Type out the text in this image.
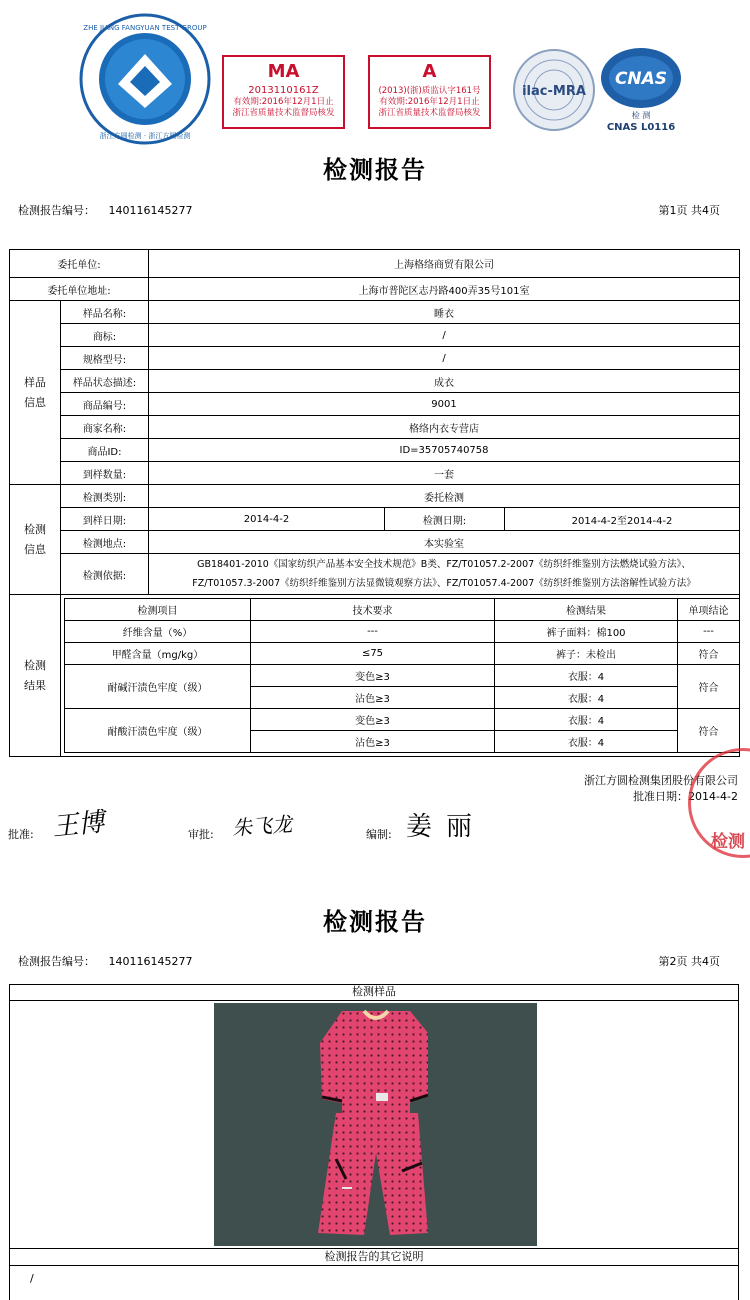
ZHE JIANG FANGYUAN TEST GROUP
浙江方圆检测 · 浙江方圆检测
MA
2013110161Z
有效期:2016年12月1日止
浙江省质量技术监督局核发
A
(2013)(浙)质监认字161号
有效期:2016年12月1日止
浙江省质量技术监督局核发
ilac-MRA
CNAS
检 测
CNAS L0116
检测报告
检测报告编号： 140116145277	第1页 共4页
委托单位:	上海格络商贸有限公司
委托单位地址:	上海市普陀区志丹路400弄35号101室

样品
信息
	样品名称:	睡衣
商标:	/
规格型号:	/
样品状态描述:	成衣
商品编号:	9001
商家名称:	格络内衣专营店
商品ID:	ID=35705740758
到样数量:	一套

检测
信息
	检测类别:	委托检测
到样日期:	2014-4-2	检测日期:	2014-4-2至2014-4-2
检测地点:	本实验室
检测依据:	
GB18401-2010《国家纺织产品基本安全技术规范》B类、FZ/T01057.2-2007《纺织纤维鉴别方法燃烧试验方法》、
FZ/T01057.3-2007《纺织纤维鉴别方法显微镜观察方法》、FZ/T01057.4-2007《纺织纤维鉴别方法溶解性试验方法》

检测
结果

检测项目	技术要求	检测结果	单项结论
纤维含量（%）	---	裤子面料：棉100	---
甲醛含量（mg/kg）	≤75	裤子：未检出	符合
耐碱汗渍色牢度（级）	变色≥3	衣服：4	符合
沾色≥3	衣服：4
耐酸汗渍色牢度（级）	变色≥3	衣服：4	符合
沾色≥3	衣服：4
浙江方圆检测集团股份有限公司
批准日期：2014-4-2
检测
批准: 王博	审批: 朱飞龙	编制: 姜丽
检测报告
检测报告编号： 140116145277	第2页 共4页
检测样品
检测报告的其它说明
/
